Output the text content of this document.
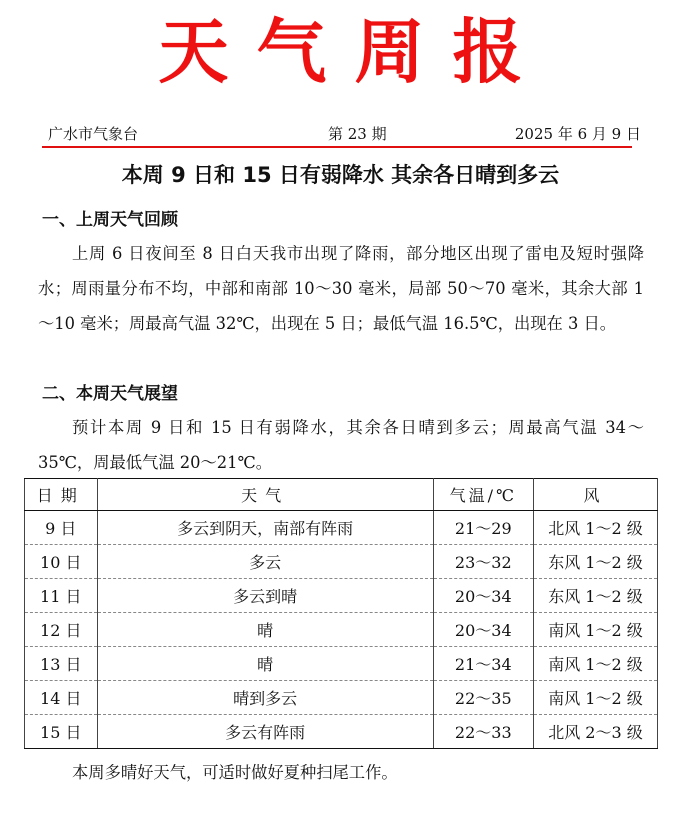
天气周报
广水市气象台	第 23 期	2025 年 6 月 9 日
本周 9 日和 15 日有弱降水 其余各日晴到多云
一、上周天气回顾
上周 6 日夜间至 8 日白天我市出现了降雨，部分地区出现了雷电及短时强降水；周雨量分布不均，中部和南部 10～30 毫米，局部 50～70 毫米，其余大部 1～10 毫米；周最高气温 32℃，出现在 5 日；最低气温 16.5℃，出现在 3 日。
二、本周天气展望
预计本周 9 日和 15 日有弱降水，其余各日晴到多云；周最高气温 34～35℃，周最低气温 20～21℃。
日期	天气	气温/℃	风
9 日	多云到阴天，南部有阵雨	21～29	北风 1～2 级
10 日	多云	23～32	东风 1～2 级
11 日	多云到晴	20～34	东风 1～2 级
12 日	晴	20～34	南风 1～2 级
13 日	晴	21～34	南风 1～2 级
14 日	晴到多云	22～35	南风 1～2 级
15 日	多云有阵雨	22～33	北风 2～3 级
本周多晴好天气，可适时做好夏种扫尾工作。
